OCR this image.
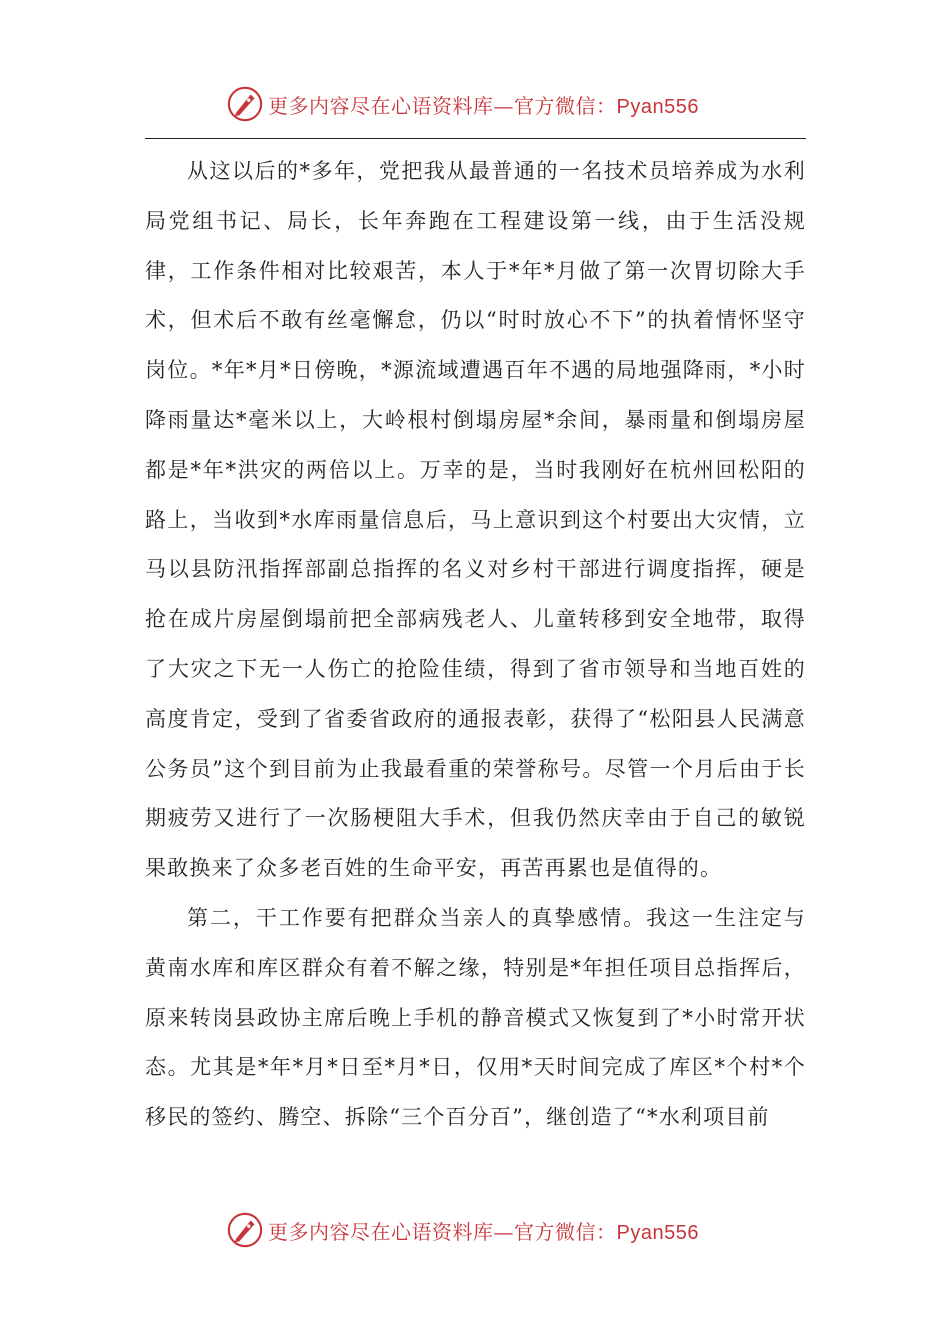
更多内容尽在心语资料库—官方微信：Pyan556

从这以后的*多年，党把我从最普通的一名技术员培养成为水利局党组书记、局长，长年奔跑在工程建设第一线，由于生活没规律，工作条件相对比较艰苦，本人于*年*月做了第一次胃切除大手术，但术后不敢有丝毫懈怠，仍以“时时放心不下”的执着情怀坚守岗位。*年*月*日傍晚，*源流域遭遇百年不遇的局地强降雨，*小时降雨量达*毫米以上，大岭根村倒塌房屋*余间，暴雨量和倒塌房屋都是*年*洪灾的两倍以上。万幸的是，当时我刚好在杭州回松阳的路上，当收到*水库雨量信息后，马上意识到这个村要出大灾情，立马以县防汛指挥部副总指挥的名义对乡村干部进行调度指挥，硬是抢在成片房屋倒塌前把全部病残老人、儿童转移到安全地带，取得了大灾之下无一人伤亡的抢险佳绩，得到了省市领导和当地百姓的高度肯定，受到了省委省政府的通报表彰，获得了“松阳县人民满意公务员”这个到目前为止我最看重的荣誉称号。尽管一个月后由于长期疲劳又进行了一次肠梗阻大手术，但我仍然庆幸由于自己的敏锐果敢换来了众多老百姓的生命平安，再苦再累也是值得的。

第二，干工作要有把群众当亲人的真挚感情。我这一生注定与黄南水库和库区群众有着不解之缘，特别是*年担任项目总指挥后，原来转岗县政协主席后晚上手机的静音模式又恢复到了*小时常开状态。尤其是*年*月*日至*月*日，仅用*天时间完成了库区*个村*个移民的签约、腾空、拆除“三个百分百”，继创造了“*水利项目前

更多内容尽在心语资料库—官方微信：Pyan556
